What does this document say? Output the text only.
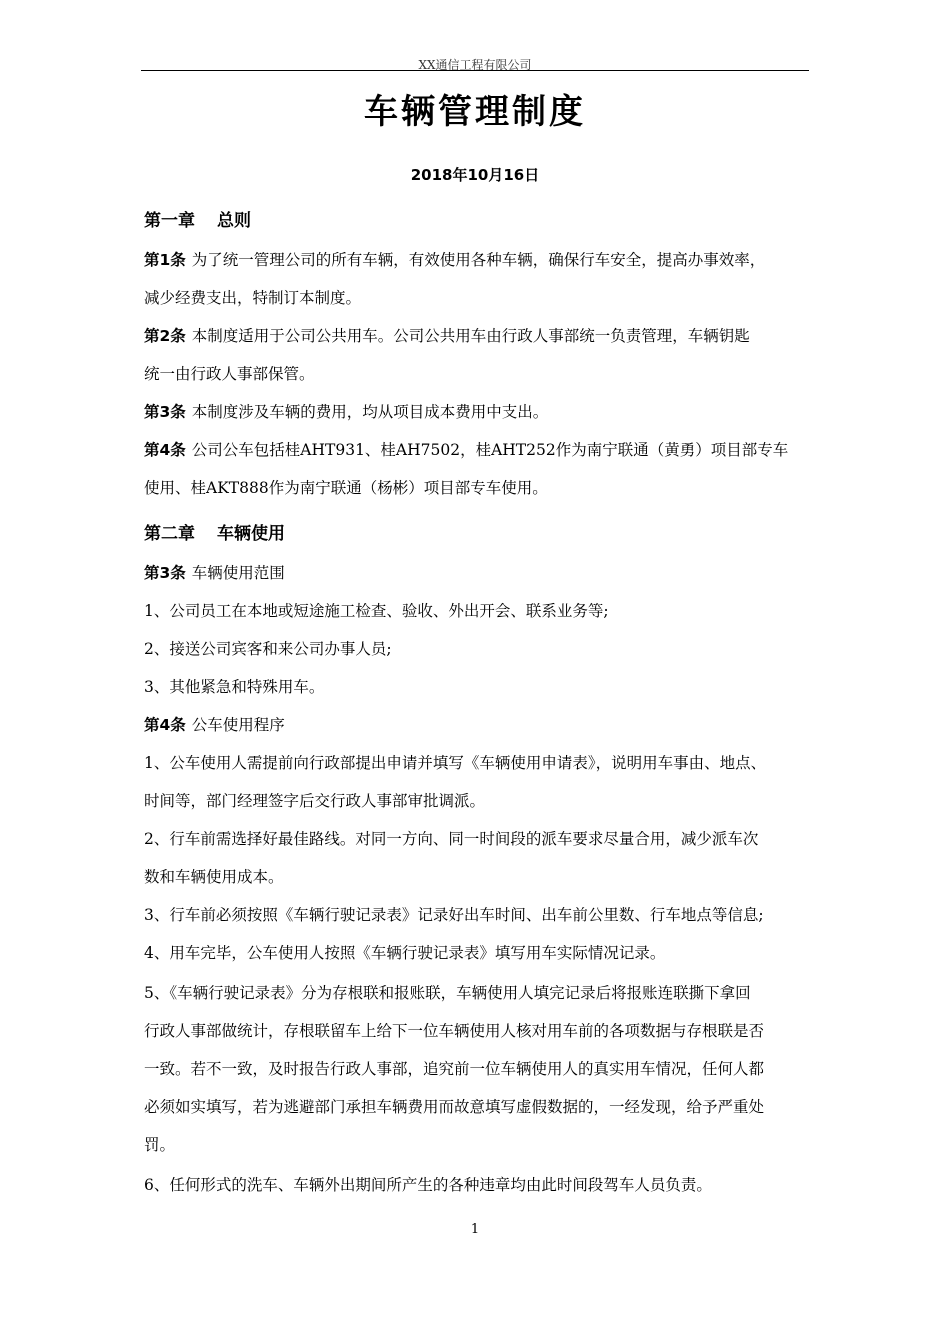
XX通信工程有限公司
车辆管理制度
2018年10月16日
第一章 总则
第1条 为了统一管理公司的所有车辆，有效使用各种车辆，确保行车安全，提高办事效率，
减少经费支出，特制订本制度。
第2条 本制度适用于公司公共用车。公司公共用车由行政人事部统一负责管理，车辆钥匙
统一由行政人事部保管。
第3条 本制度涉及车辆的费用，均从项目成本费用中支出。
第4条 公司公车包括桂AHT931、桂AH7502，桂AHT252作为南宁联通（黄勇）项目部专车
使用、桂AKT888作为南宁联通（杨彬）项目部专车使用。
第二章 车辆使用
第3条 车辆使用范围
1、公司员工在本地或短途施工检查、验收、外出开会、联系业务等;
2、接送公司宾客和来公司办事人员;
3、其他紧急和特殊用车。
第4条 公车使用程序
1、公车使用人需提前向行政部提出申请并填写《车辆使用申请表》，说明用车事由、地点、
时间等，部门经理签字后交行政人事部审批调派。
2、行车前需选择好最佳路线。对同一方向、同一时间段的派车要求尽量合用，减少派车次
数和车辆使用成本。
3、行车前必须按照《车辆行驶记录表》记录好出车时间、出车前公里数、行车地点等信息;
4、用车完毕，公车使用人按照《车辆行驶记录表》填写用车实际情况记录。
5、《车辆行驶记录表》分为存根联和报账联，车辆使用人填完记录后将报账连联撕下拿回
行政人事部做统计，存根联留车上给下一位车辆使用人核对用车前的各项数据与存根联是否
一致。若不一致，及时报告行政人事部，追究前一位车辆使用人的真实用车情况，任何人都
必须如实填写，若为逃避部门承担车辆费用而故意填写虚假数据的，一经发现，给予严重处
罚。
6、任何形式的洗车、车辆外出期间所产生的各种违章均由此时间段驾车人员负责。
1
